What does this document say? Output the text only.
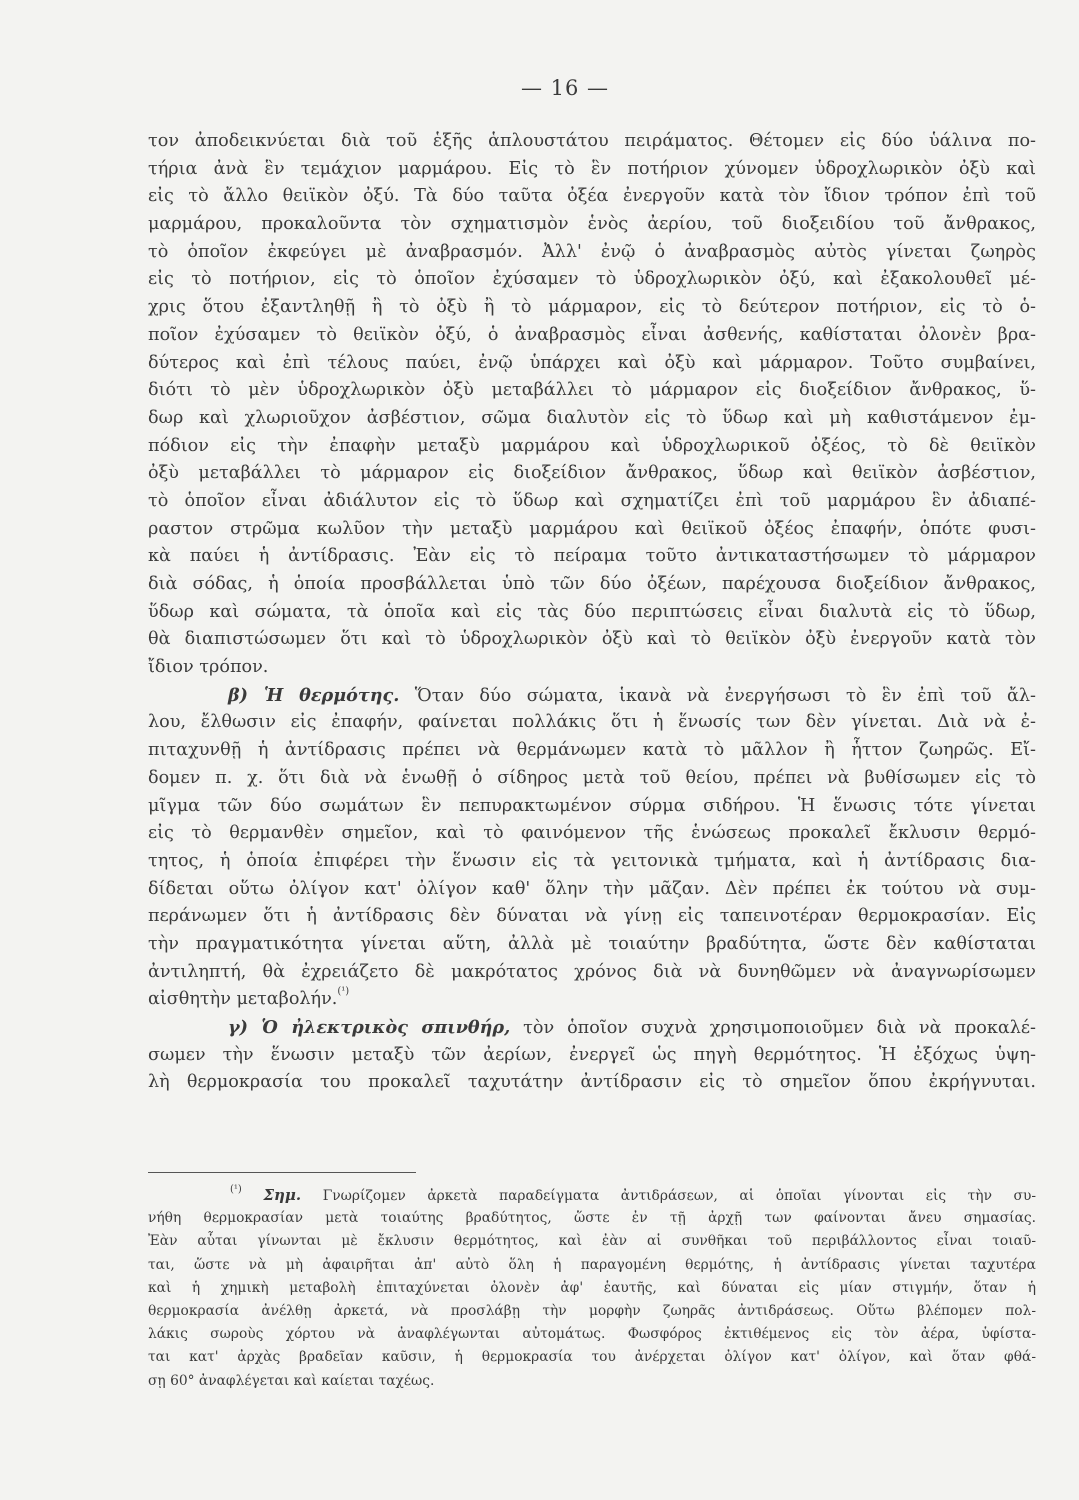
— 16 —
τον ἀποδεικνύεται διὰ τοῦ ἑξῆς ἁπλουστάτου πειράματος. Θέτομεν εἰς δύο ὑάλινα πο-
τήρια ἀνὰ ἓν τεμάχιον μαρμάρου. Εἰς τὸ ἓν ποτήριον χύνομεν ὑδροχλωρικὸν ὀξὺ καὶ
εἰς τὸ ἄλλο θειϊκὸν ὀξύ. Τὰ δύο ταῦτα ὀξέα ἐνεργοῦν κατὰ τὸν ἴδιον τρόπον ἐπὶ τοῦ
μαρμάρου, προκαλοῦντα τὸν σχηματισμὸν ἑνὸς ἀερίου, τοῦ διοξειδίου τοῦ ἄνθρακος,
τὸ ὁποῖον ἐκφεύγει μὲ ἀναβρασμόν. Ἀλλ' ἐνῷ ὁ ἀναβρασμὸς αὐτὸς γίνεται ζωηρὸς
εἰς τὸ ποτήριον, εἰς τὸ ὁποῖον ἐχύσαμεν τὸ ὑδροχλωρικὸν ὀξύ, καὶ ἐξακολουθεῖ μέ-
χρις ὅτου ἐξαντληθῇ ἢ τὸ ὀξὺ ἢ τὸ μάρμαρον, εἰς τὸ δεύτερον ποτήριον, εἰς τὸ ὁ-
ποῖον ἐχύσαμεν τὸ θειϊκὸν ὀξύ, ὁ ἀναβρασμὸς εἶναι ἀσθενής, καθίσταται ὀλονὲν βρα-
δύτερος καὶ ἐπὶ τέλους παύει, ἐνῷ ὑπάρχει καὶ ὀξὺ καὶ μάρμαρον. Τοῦτο συμβαίνει,
διότι τὸ μὲν ὑδροχλωρικὸν ὀξὺ μεταβάλλει τὸ μάρμαρον εἰς διοξείδιον ἄνθρακος, ὕ-
δωρ καὶ χλωριοῦχον ἀσβέστιον, σῶμα διαλυτὸν εἰς τὸ ὕδωρ καὶ μὴ καθιστάμενον ἐμ-
πόδιον εἰς τὴν ἐπαφὴν μεταξὺ μαρμάρου καὶ ὑδροχλωρικοῦ ὀξέος, τὸ δὲ θειϊκὸν
ὀξὺ μεταβάλλει τὸ μάρμαρον εἰς διοξείδιον ἄνθρακος, ὕδωρ καὶ θειϊκὸν ἀσβέστιον,
τὸ ὁποῖον εἶναι ἀδιάλυτον εἰς τὸ ὕδωρ καὶ σχηματίζει ἐπὶ τοῦ μαρμάρου ἓν ἀδιαπέ-
ραστον στρῶμα κωλῦον τὴν μεταξὺ μαρμάρου καὶ θειϊκοῦ ὀξέος ἐπαφήν, ὁπότε φυσι-
κὰ παύει ἡ ἀντίδρασις. Ἐὰν εἰς τὸ πείραμα τοῦτο ἀντικαταστήσωμεν τὸ μάρμαρον
διὰ σόδας, ἡ ὁποία προσβάλλεται ὑπὸ τῶν δύο ὀξέων, παρέχουσα διοξείδιον ἄνθρακος,
ὕδωρ καὶ σώματα, τὰ ὁποῖα καὶ εἰς τὰς δύο περιπτώσεις εἶναι διαλυτὰ εἰς τὸ ὕδωρ,
θὰ διαπιστώσωμεν ὅτι καὶ τὸ ὑδροχλωρικὸν ὀξὺ καὶ τὸ θειϊκὸν ὀξὺ ἐνεργοῦν κατὰ τὸν
ἴδιον τρόπον.
β) Ἡ θερμότης. Ὅταν δύο σώματα, ἱκανὰ νὰ ἐνεργήσωσι τὸ ἓν ἐπὶ τοῦ ἄλ-
λου, ἔλθωσιν εἰς ἐπαφήν, φαίνεται πολλάκις ὅτι ἡ ἕνωσίς των δὲν γίνεται. Διὰ νὰ ἐ-
πιταχυνθῇ ἡ ἀντίδρασις πρέπει νὰ θερμάνωμεν κατὰ τὸ μᾶλλον ἢ ἧττον ζωηρῶς. Εἴ-
δομεν π. χ. ὅτι διὰ νὰ ἑνωθῇ ὁ σίδηρος μετὰ τοῦ θείου, πρέπει νὰ βυθίσωμεν εἰς τὸ
μῖγμα τῶν δύο σωμάτων ἓν πεπυρακτωμένον σύρμα σιδήρου. Ἡ ἕνωσις τότε γίνεται
εἰς τὸ θερμανθὲν σημεῖον, καὶ τὸ φαινόμενον τῆς ἑνώσεως προκαλεῖ ἔκλυσιν θερμό-
τητος, ἡ ὁποία ἐπιφέρει τὴν ἕνωσιν εἰς τὰ γειτονικὰ τμήματα, καὶ ἡ ἀντίδρασις δια-
δίδεται οὕτω ὀλίγον κατ' ὀλίγον καθ' ὅλην τὴν μᾶζαν. Δὲν πρέπει ἐκ τούτου νὰ συμ-
περάνωμεν ὅτι ἡ ἀντίδρασις δὲν δύναται νὰ γίνῃ εἰς ταπεινοτέραν θερμοκρασίαν. Εἰς
τὴν πραγματικότητα γίνεται αὕτη, ἀλλὰ μὲ τοιαύτην βραδύτητα, ὥστε δὲν καθίσταται
ἀντιληπτή, θὰ ἐχρειάζετο δὲ μακρότατος χρόνος διὰ νὰ δυνηθῶμεν νὰ ἀναγνωρίσωμεν
αἰσθητὴν μεταβολήν.$^{(^1)}$
γ) Ὁ ἠλεκτρικὸς σπινθήρ, τὸν ὁποῖον συχνὰ χρησιμοποιοῦμεν διὰ νὰ προκαλέ-
σωμεν τὴν ἕνωσιν μεταξὺ τῶν ἀερίων, ἐνεργεῖ ὡς πηγὴ θερμότητος. Ἡ ἐξόχως ὑψη-
λὴ θερμοκρασία του προκαλεῖ ταχυτάτην ἀντίδρασιν εἰς τὸ σημεῖον ὅπου ἐκρήγνυται.
$^{(^1)}$ Σημ. Γνωρίζομεν ἀρκετὰ παραδείγματα ἀντιδράσεων, αἱ ὁποῖαι γίνονται εἰς τὴν συ-
νήθη θερμοκρασίαν μετὰ τοιαύτης βραδύτητος, ὥστε ἐν τῇ ἀρχῇ των φαίνονται ἄνευ σημασίας.
Ἐὰν αὗται γίνωνται μὲ ἔκλυσιν θερμότητος, καὶ ἐὰν αἱ συνθῆκαι τοῦ περιβάλλοντος εἶναι τοιαῦ-
ται, ὥστε νὰ μὴ ἀφαιρῆται ἀπ' αὐτὸ ὅλη ἡ παραγομένη θερμότης, ἡ ἀντίδρασις γίνεται ταχυτέρα
καὶ ἡ χημικὴ μεταβολὴ ἐπιταχύνεται ὀλονὲν ἀφ' ἑαυτῆς, καὶ δύναται εἰς μίαν στιγμήν, ὅταν ἡ
θερμοκρασία ἀνέλθῃ ἀρκετά, νὰ προσλάβῃ τὴν μορφὴν ζωηρᾶς ἀντιδράσεως. Οὕτω βλέπομεν πολ-
λάκις σωροὺς χόρτου νὰ ἀναφλέγωνται αὐτομάτως. Φωσφόρος ἐκτιθέμενος εἰς τὸν ἀέρα, ὑφίστα-
ται κατ' ἀρχὰς βραδεῖαν καῦσιν, ἡ θερμοκρασία του ἀνέρχεται ὀλίγον κατ' ὀλίγον, καὶ ὅταν φθά-
σῃ 60° ἀναφλέγεται καὶ καίεται ταχέως.
